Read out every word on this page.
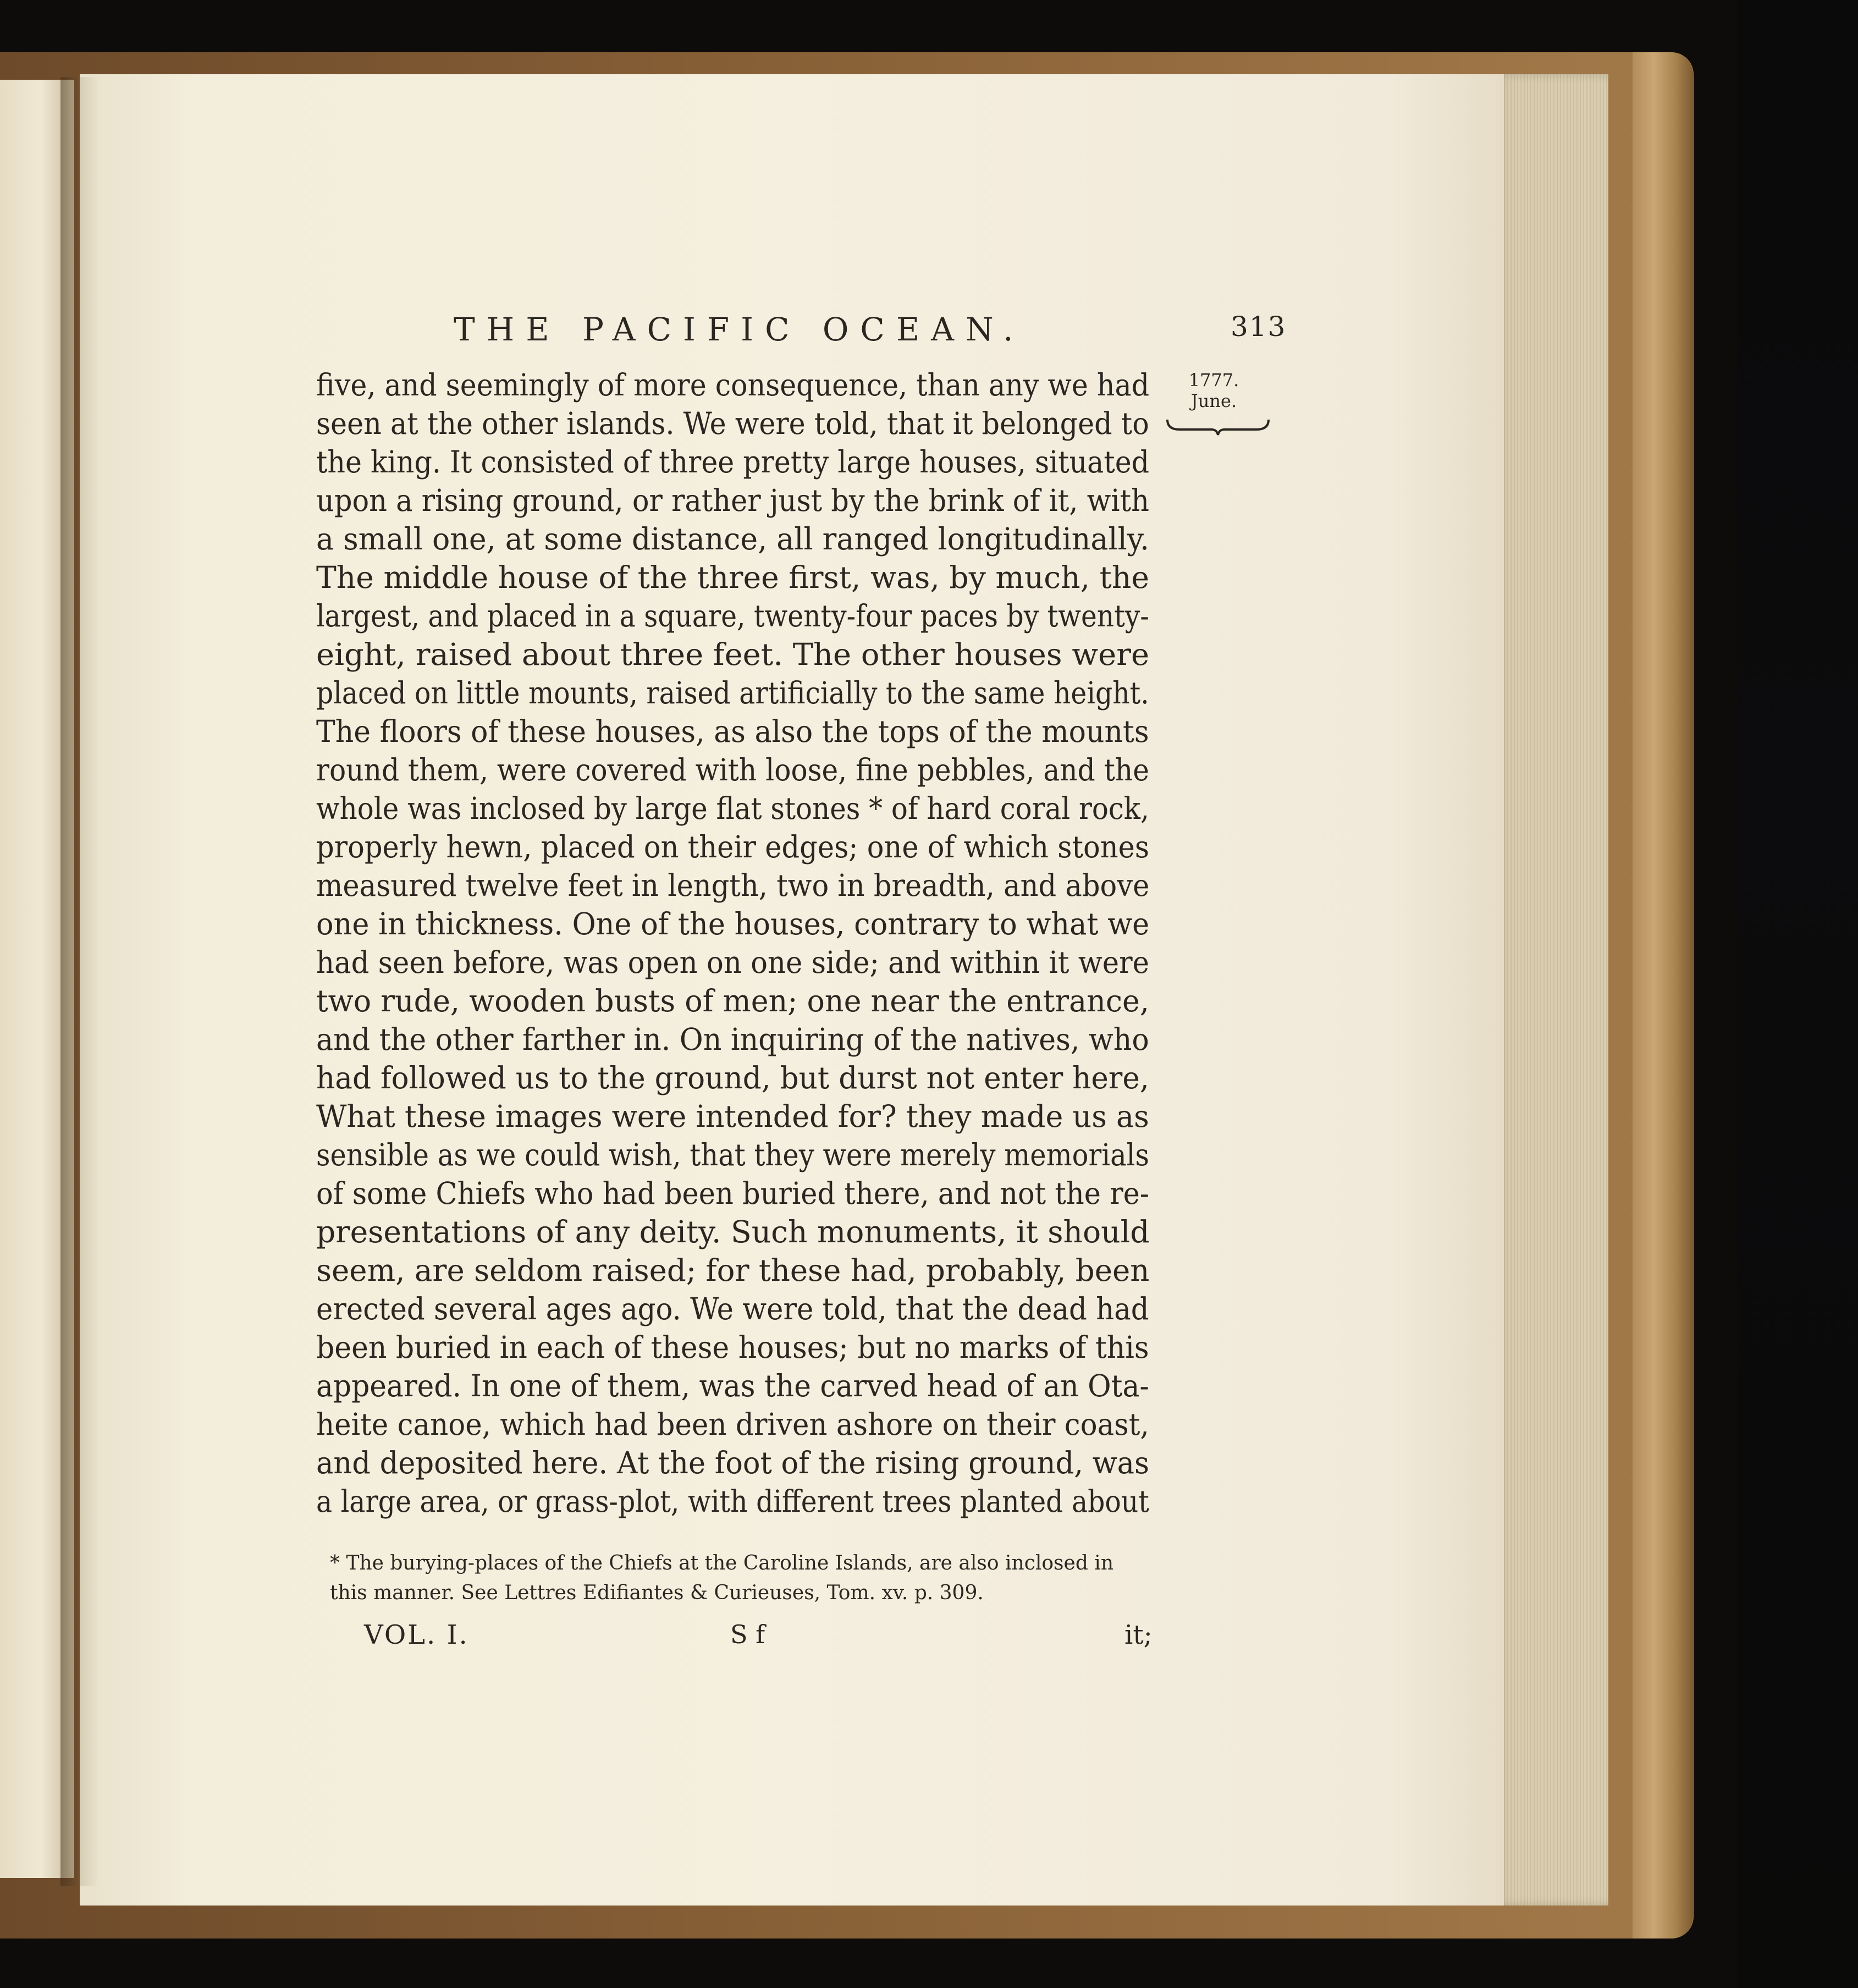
THE PACIFIC OCEAN.	313
1777.
June.
five, and seemingly of more consequence, than any we had
seen at the other islands. We were told, that it belonged to
the king. It consisted of three pretty large houses, situated
upon a rising ground, or rather just by the brink of it, with
a small one, at some distance, all ranged longitudinally.
The middle house of the three first, was, by much, the
largest, and placed in a square, twenty-four paces by twenty-
eight, raised about three feet. The other houses were
placed on little mounts, raised artificially to the same height.
The floors of these houses, as also the tops of the mounts
round them, were covered with loose, fine pebbles, and the
whole was inclosed by large flat stones * of hard coral rock,
properly hewn, placed on their edges; one of which stones
measured twelve feet in length, two in breadth, and above
one in thickness. One of the houses, contrary to what we
had seen before, was open on one side; and within it were
two rude, wooden busts of men; one near the entrance,
and the other farther in. On inquiring of the natives, who
had followed us to the ground, but durst not enter here,
What these images were intended for? they made us as
sensible as we could wish, that they were merely memorials
of some Chiefs who had been buried there, and not the re-
presentations of any deity. Such monuments, it should
seem, are seldom raised; for these had, probably, been
erected several ages ago. We were told, that the dead had
been buried in each of these houses; but no marks of this
appeared. In one of them, was the carved head of an Ota-
heite canoe, which had been driven ashore on their coast,
and deposited here. At the foot of the rising ground, was
a large area, or grass-plot, with different trees planted about
* The burying-places of the Chiefs at the Caroline Islands, are also inclosed in
this manner. See Lettres Edifiantes & Curieuses, Tom. xv. p. 309.
VOL. I.	S f	it;
